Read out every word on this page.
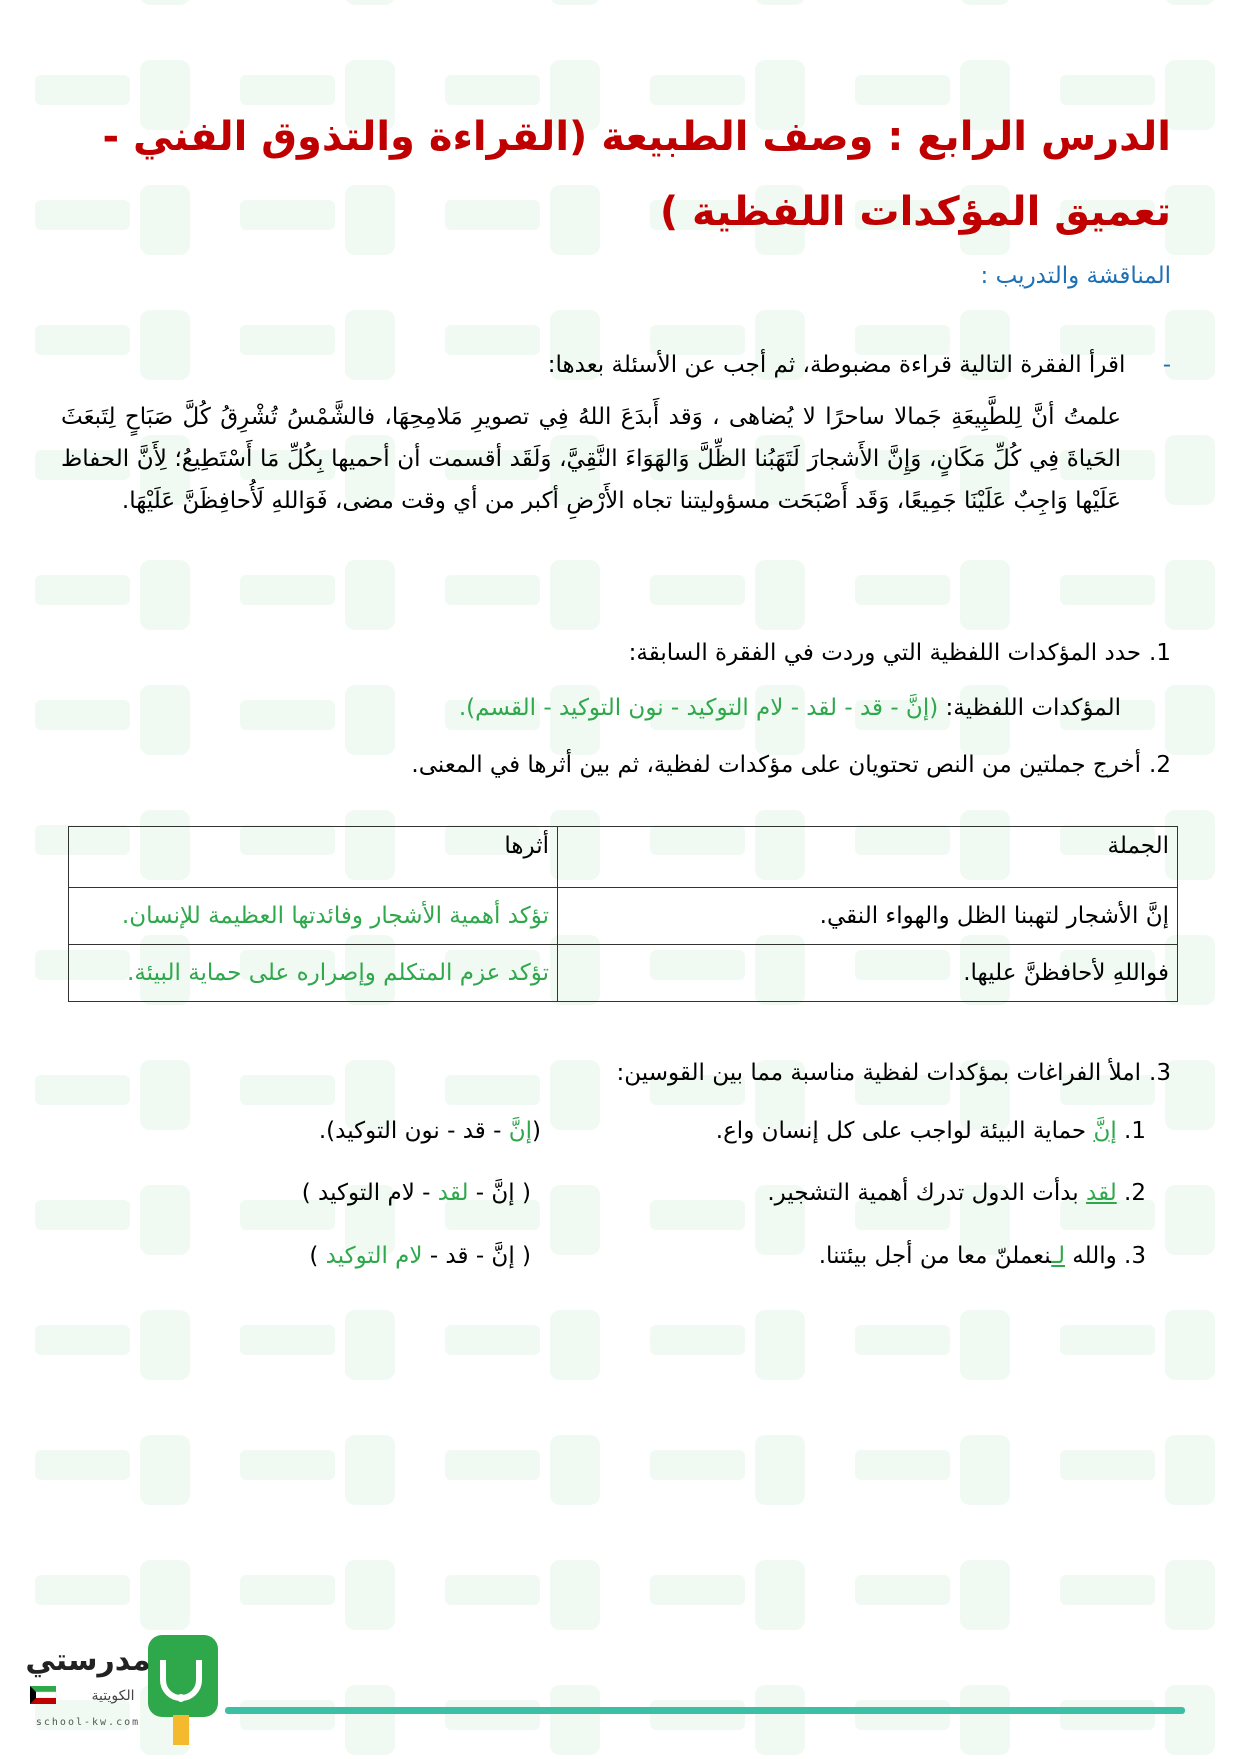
الدرس الرابع : وصف الطبيعة (القراءة والتذوق الفني - تعميق المؤكدات اللفظية )
المناقشة والتدريب :
- اقرأ الفقرة التالية قراءة مضبوطة، ثم أجب عن الأسئلة بعدها:
علمتُ أنَّ لِلطَّبِيعَةِ جَمالا ساحرًا لا يُضاهى ، وَقد أَبدَعَ اللهُ فِي تصويرِ مَلامِحِهَا، فالشَّمْسُ تُشْرِقُ كُلَّ صَبَاحٍ لِتَبعَثَ الحَياةَ فِي كُلِّ مَكَانٍ، وَإِنَّ الأَشجارَ لَتَهَبُنا الظِّلَّ وَالهَوَاءَ النَّقِيَّ، وَلَقَد أقسمت أن أحميها بِكُلِّ مَا أَسْتَطِيعُ؛ لِأَنَّ الحفاظ عَلَيْها وَاجِبٌ عَلَيْنَا جَمِيعًا، وَقَد أَصْبَحَت مسؤوليتنا تجاه الأَرْضِ أكبر من أي وقت مضى، فَوَاللهِ لَأُحافِظَنَّ عَلَيْهَا.
1.حدد المؤكدات اللفظية التي وردت في الفقرة السابقة:
المؤكدات اللفظية: (إنَّ - قد - لقد - لام التوكيد - نون التوكيد - القسم).
2.أخرج جملتين من النص تحتويان على مؤكدات لفظية، ثم بين أثرها في المعنى.
الجملة	أثرها
إنَّ الأشجار لتهبنا الظل والهواء النقي.	تؤكد أهمية الأشجار وفائدتها العظيمة للإنسان.
فواللهِ لأحافظنَّ عليها.	تؤكد عزم المتكلم وإصراره على حماية البيئة.
3.املأ الفراغات بمؤكدات لفظية مناسبة مما بين القوسين:
1. إنَّ حماية البيئة لواجب على كل إنسان واع.
(إنَّ - قد - نون التوكيد).
2. لقد بدأت الدول تدرك أهمية التشجير.
( إنَّ - لقد - لام التوكيد )
3. والله لـنعملنّ معا من أجل بيئتنا.
( إنَّ - قد - لام التوكيد )
مدرستي
الكويتية
school-kw.com
